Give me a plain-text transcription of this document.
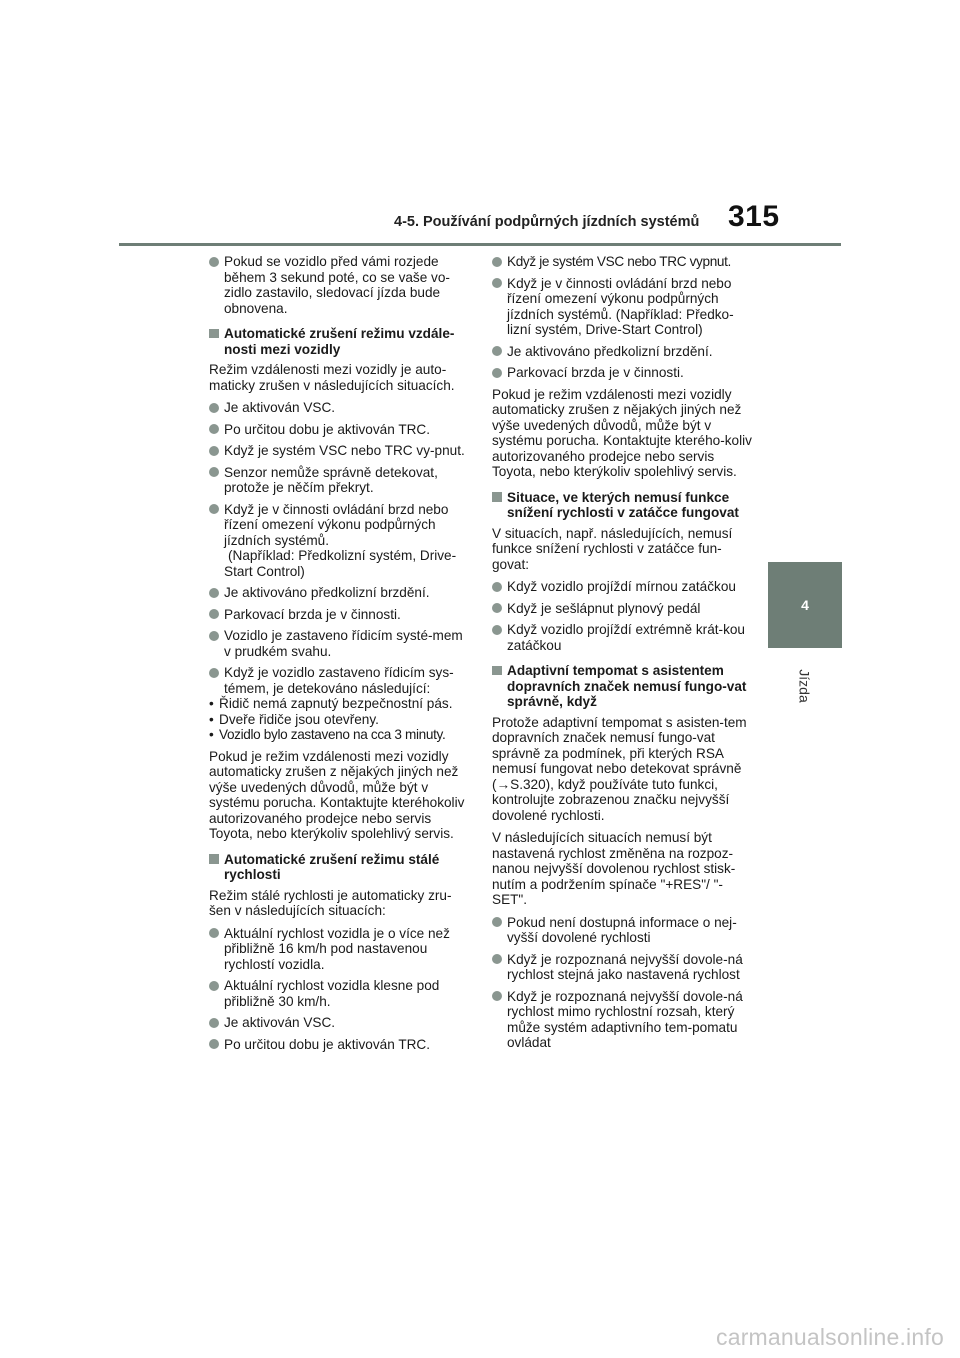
4-5. Používání podpůrných jízdních systémů 315
4
Jízda
Pokud se vozidlo před vámi rozjede během 3 sekund poté, co se vaše vo-zidlo zastavilo, sledovací jízda bude obnovena.
Automatické zrušení režimu vzdále-nosti mezi vozidly
Režim vzdálenosti mezi vozidly je auto-maticky zrušen v následujících situacích.
Je aktivován VSC.
Po určitou dobu je aktivován TRC.
Když je systém VSC nebo TRC vy-pnut.
Senzor nemůže správně detekovat, protože je něčím překryt.
Když je v činnosti ovládání brzd nebo řízení omezení výkonu podpůrných jízdních systémů.
(Například: Předkolizní systém, Drive-Start Control)
Je aktivováno předkolizní brzdění.
Parkovací brzda je v činnosti.
Vozidlo je zastaveno řídicím systé-mem v prudkém svahu.
Když je vozidlo zastaveno řídicím sys-témem, je detekováno následující:
• Řidič nemá zapnutý bezpečnostní pás.
• Dveře řidiče jsou otevřeny.
• Vozidlo bylo zastaveno na cca 3 minuty.
Pokud je režim vzdálenosti mezi vozidly automaticky zrušen z nějakých jiných než výše uvedených důvodů, může být v systému porucha. Kontaktujte kteréhokoliv autorizovaného prodejce nebo servis Toyota, nebo kterýkoliv spolehlivý servis.
Automatické zrušení režimu stálé rychlosti
Režim stálé rychlosti je automaticky zru-šen v následujících situacích:
Aktuální rychlost vozidla je o více než přibližně 16 km/h pod nastavenou rychlostí vozidla.
Aktuální rychlost vozidla klesne pod přibližně 30 km/h.
Je aktivován VSC.
Po určitou dobu je aktivován TRC.
Když je systém VSC nebo TRC vypnut.
Když je v činnosti ovládání brzd nebo řízení omezení výkonu podpůrných jízdních systémů. (Například: Předko-lizní systém, Drive-Start Control)
Je aktivováno předkolizní brzdění.
Parkovací brzda je v činnosti.
Pokud je režim vzdálenosti mezi vozidly automaticky zrušen z nějakých jiných než výše uvedených důvodů, může být v systému porucha. Kontaktujte kterého-koliv autorizovaného prodejce nebo servis Toyota, nebo kterýkoliv spolehlivý servis.
Situace, ve kterých nemusí funkce snížení rychlosti v zatáčce fungovat
V situacích, např. následujících, nemusí funkce snížení rychlosti v zatáčce fun-govat:
Když vozidlo projíždí mírnou zatáčkou
Když je sešlápnut plynový pedál
Když vozidlo projíždí extrémně krát-kou zatáčkou
Adaptivní tempomat s asistentem dopravních značek nemusí fungo-vat správně, když
Protože adaptivní tempomat s asisten-tem dopravních značek nemusí fungo-vat správně za podmínek, při kterých RSA nemusí fungovat nebo detekovat správně (→S.320), když používáte tuto funkci, kontrolujte zobrazenou značku nejvyšší dovolené rychlosti.
V následujících situacích nemusí být nastavená rychlost změněna na rozpoz-nanou nejvyšší dovolenou rychlost stisk-nutím a podržením spínače "+RES"/ "-SET".
Pokud není dostupná informace o nej-vyšší dovolené rychlosti
Když je rozpoznaná nejvyšší dovole-ná rychlost stejná jako nastavená rychlost
Když je rozpoznaná nejvyšší dovole-ná rychlost mimo rychlostní rozsah, který může systém adaptivního tem-pomatu ovládat
carmanualsonline.info
